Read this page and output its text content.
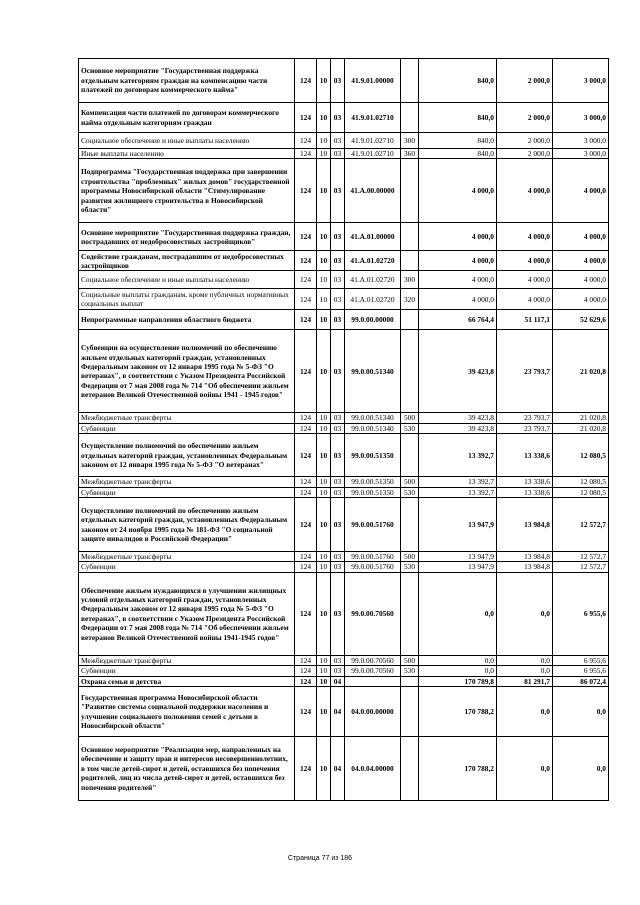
Основное мероприятие "Государственная поддержка отдельным категориям граждан на компенсацию части платежей по договорам коммерческого найма"	124	10	03	41.9.01.00000		840,0	2 000,0	3 000,0
Компенсация части платежей по договорам коммерческого найма отдельным категориям граждан	124	10	03	41.9.01.02710		840,0	2 000,0	3 000,0
Социальное обеспечение и иные выплаты населению	124	10	03	41.9.01.02710	300	840,0	2 000,0	3 000,0
Иные выплаты населению	124	10	03	41.9.01.02710	360	840,0	2 000,0	3 000,0
Подпрограмма "Государственная поддержка при завершении строительства "проблемных" жилых домов" государственной программы Новосибирской области "Стимулирование развития жилищного строительства в Новосибирской области"	124	10	03	41.А.00.00000		4 000,0	4 000,0	4 000,0
Основное мероприятие "Государственная поддержка граждан, пострадавших от недобросовестных застройщиков"	124	10	03	41.А.01.00000		4 000,0	4 000,0	4 000,0
Содействие гражданам, пострадавшим от недобросовестных застройщиков	124	10	03	41.А.01.02720		4 000,0	4 000,0	4 000,0
Социальное обеспечение и иные выплаты населению	124	10	03	41.А.01.02720	300	4 000,0	4 000,0	4 000,0
Социальные выплаты гражданам, кроме публичных нормативных социальных выплат	124	10	03	41.А.01.02720	320	4 000,0	4 000,0	4 000,0
Непрограммные направления областного бюджета	124	10	03	99.0.00.00000		66 764,4	51 117,1	52 629,6
Субвенции на осуществление полномочий по обеспечению жильем отдельных категорий граждан, установленных Федеральным законом от 12 января 1995 года № 5-ФЗ "О ветеранах", в соответствии с Указом Президента Российской Федерации от 7 мая 2008 года № 714 "Об обеспечении жильем ветеранов Великой Отечественной войны 1941 - 1945 годов"	124	10	03	99.0.00.51340		39 423,8	23 793,7	21 020,8
Межбюджетные трансферты	124	10	03	99.0.00.51340	500	39 423,8	23 793,7	21 020,8
Субвенции	124	10	03	99.0.00.51340	530	39 423,8	23 793,7	21 020,8
Осуществление полномочий по обеспечению жильем отдельных категорий граждан, установленных Федеральным законом от 12 января 1995 года № 5-ФЗ "О ветеранах"	124	10	03	99.0.00.51350		13 392,7	13 338,6	12 080,5
Межбюджетные трансферты	124	10	03	99.0.00.51350	500	13 392,7	13 338,6	12 080,5
Субвенции	124	10	03	99.0.00.51350	530	13 392,7	13 338,6	12 080,5
Осуществление полномочий по обеспечению жильем отдельных категорий граждан, установленных Федеральным законом от 24 ноября 1995 года № 181-ФЗ "О социальной защите инвалидов в Российской Федерации"	124	10	03	99.0.00.51760		13 947,9	13 984,8	12 572,7
Межбюджетные трансферты	124	10	03	99.0.00.51760	500	13 947,9	13 984,8	12 572,7
Субвенции	124	10	03	99.0.00.51760	530	13 947,9	13 984,8	12 572,7
Обеспечение жильем нуждающихся в улучшении жилищных условий отдельных категорий граждан, установленных Федеральным законом от 12 января 1995 года № 5-ФЗ "О ветеранах", в соответствии с Указом Президента Российской Федерации от 7 мая 2008 года № 714 "Об обеспечении жильем ветеранов Великой Отечественной войны 1941-1945 годов"	124	10	03	99.0.00.70560		0,0	0,0	6 955,6
Межбюджетные трансферты	124	10	03	99.0.00.70560	500	0,0	0,0	6 955,6
Субвенции	124	10	03	99.0.00.70560	530	0,0	0,0	6 955,6
Охрана семьи и детства	124	10	04			170 789,8	81 291,7	86 072,4
Государственная программа Новосибирской области "Развитие системы социальной поддержки населения и улучшение социального положения семей с детьми в Новосибирской области"	124	10	04	04.0.00.00000		170 788,2	0,0	0,0
Основное мероприятие "Реализация мер, направленных на обеспечение и защиту прав и интересов несовершеннолетних, в том числе детей-сирот и детей, оставшихся без попечения родителей, лиц из числа детей-сирот и детей, оставшихся без попечения родителей"	124	10	04	04.0.04.00000		170 788,2	0,0	0,0
Страница 77 из 186
